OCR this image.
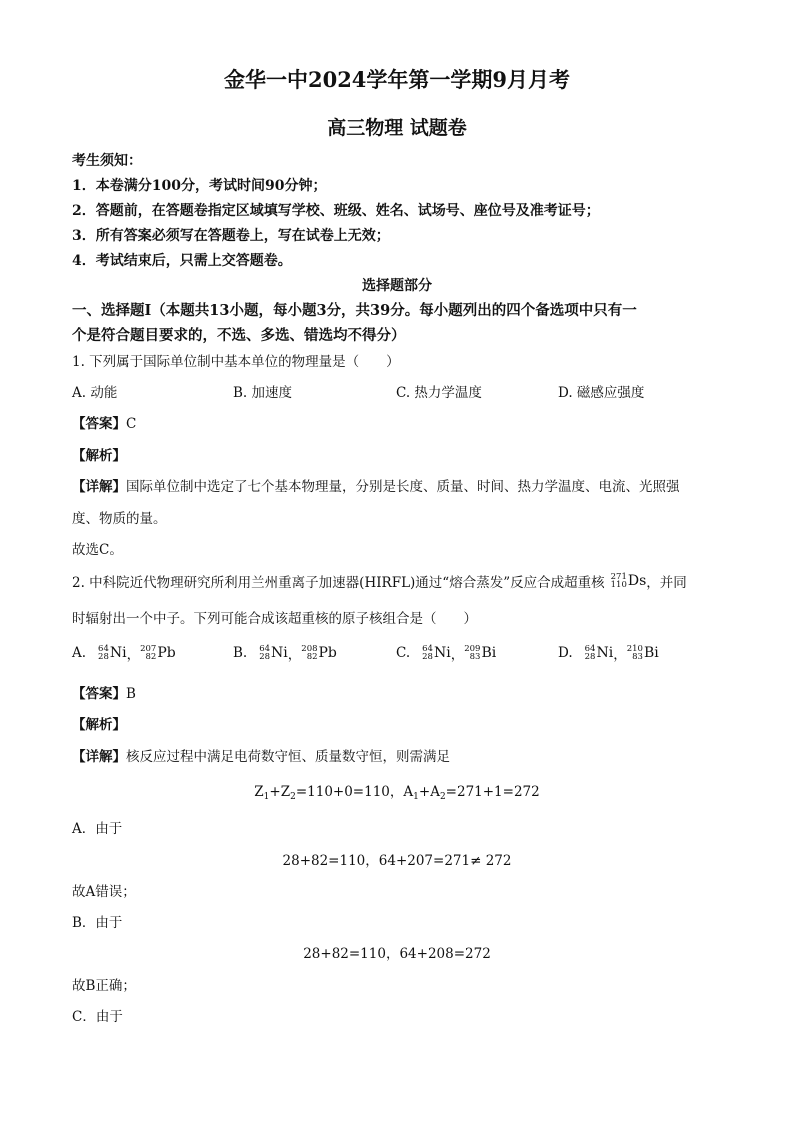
金华一中2024学年第一学期9月月考
高三物理 试题卷
考生须知：
1．本卷满分100分，考试时间90分钟；
2．答题前，在答题卷指定区域填写学校、班级、姓名、试场号、座位号及准考证号；
3．所有答案必须写在答题卷上，写在试卷上无效；
4．考试结束后，只需上交答题卷。
选择题部分
一、选择题Ⅰ（本题共13小题，每小题3分，共39分。每小题列出的四个备选项中只有一
个是符合题目要求的，不选、多选、错选均不得分）
1. 下列属于国际单位制中基本单位的物理量是（　　）
A. 动能	B. 加速度	C. 热力学温度	D. 磁感应强度
【答案】C
【解析】
【详解】国际单位制中选定了七个基本物理量，分别是长度、质量、时间、热力学温度、电流、光照强
度、物质的量。
故选C。
2. 中科院近代物理研究所利用兰州重离子加速器(HIRFL)通过“熔合蒸发”反应合成超重核 271
110 Ds ，并同
时辐射出一个中子。下列可能合成该超重核的原子核组合是（　　）
A. 64
28 Ni ， 207
82 Pb	B. 64
28 Ni ， 208
82 Pb	C. 64
28 Ni ， 209
83 Bi	D. 64
28 Ni ， 210
83 Bi
【答案】B
【解析】
【详解】核反应过程中满足电荷数守恒、质量数守恒，则需满足
$Z_1+Z_2=110+0=110$，$A_1+A_2=271+1=272$
A．由于
28+82=110，64+207=271≠ 272
故A错误；
B．由于
28+82=110，64+208=272
故B正确；
C．由于
